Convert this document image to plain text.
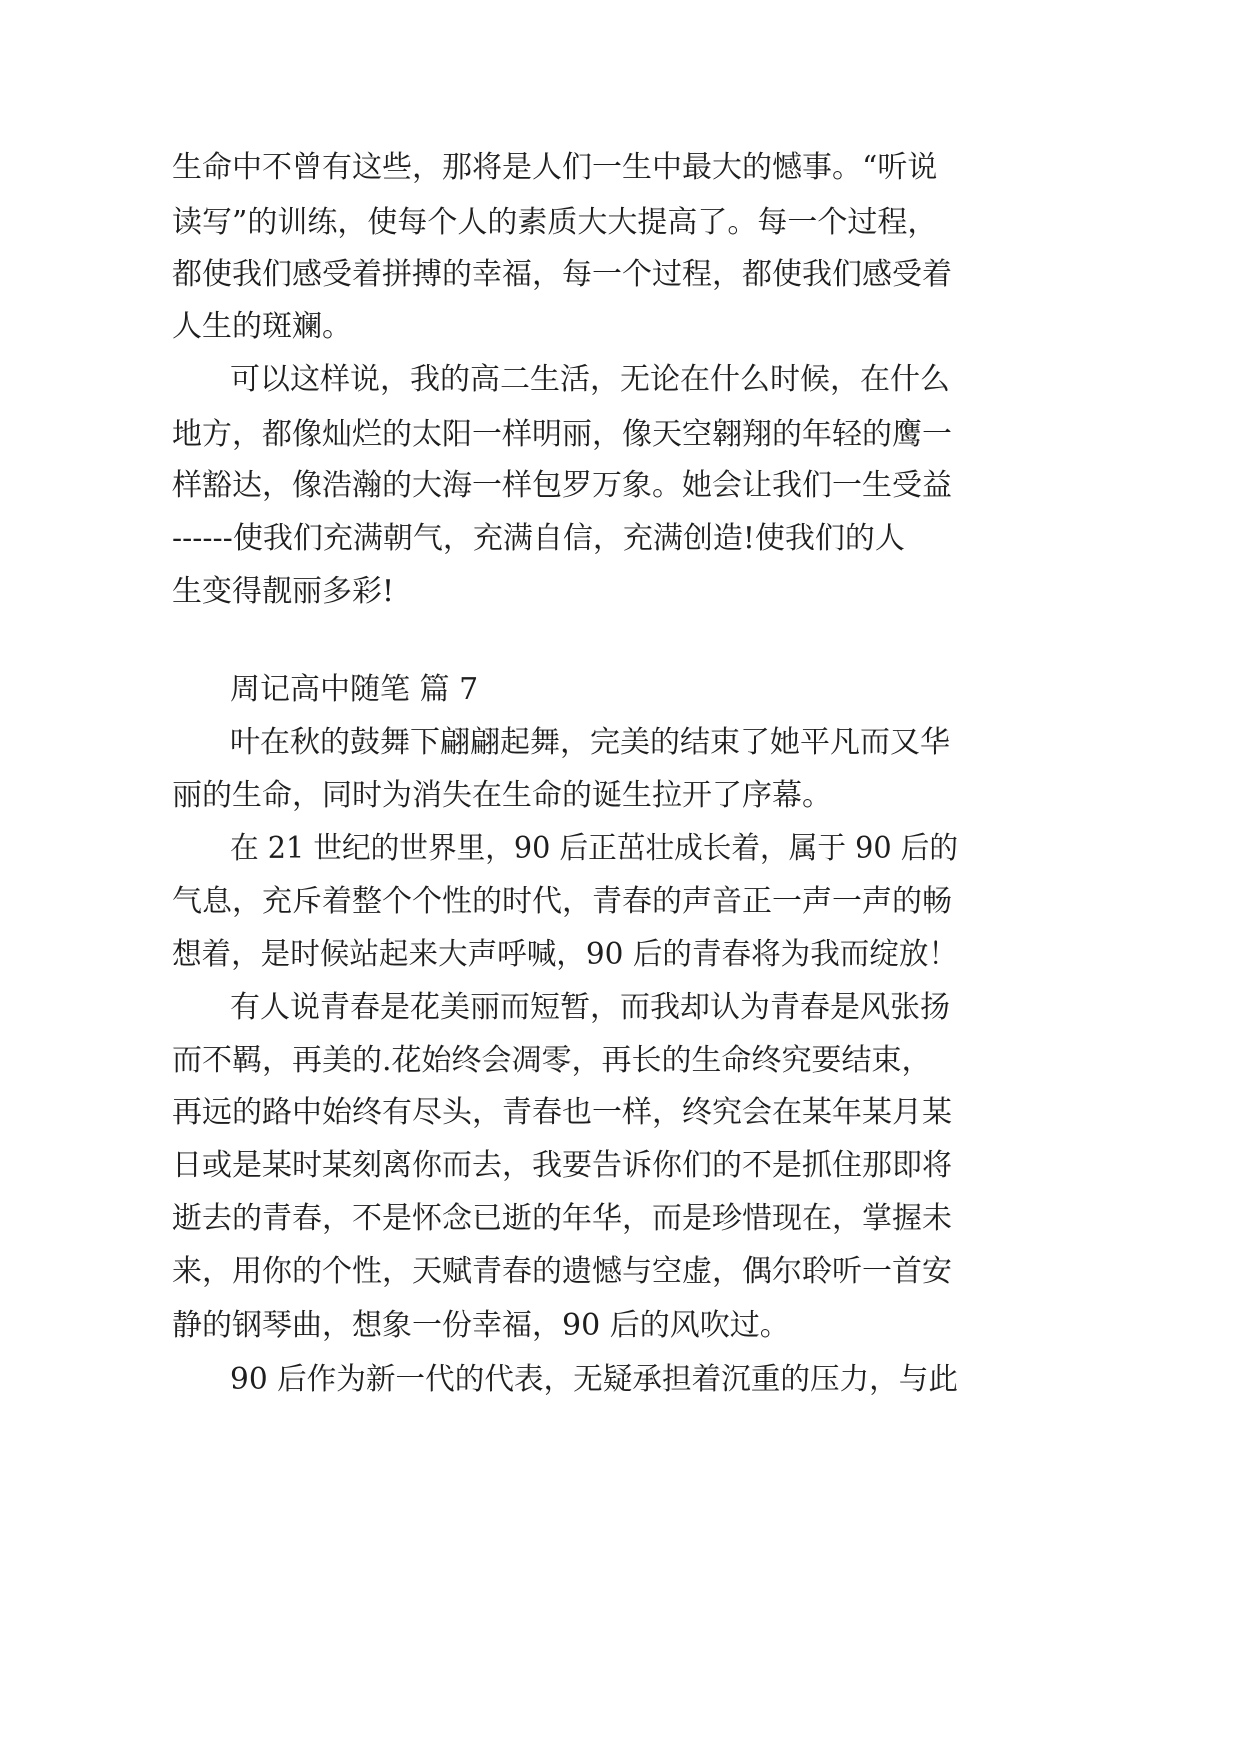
生命中不曾有这些，那将是人们一生中最大的憾事。“听说

读写”的训练，使每个人的素质大大提高了。每一个过程，

都使我们感受着拼搏的幸福，每一个过程，都使我们感受着

人生的斑斓。

可以这样说，我的高二生活，无论在什么时候，在什么

地方，都像灿烂的太阳一样明丽，像天空翱翔的年轻的鹰一

样豁达，像浩瀚的大海一样包罗万象。她会让我们一生受益

------使我们充满朝气，充满自信，充满创造!使我们的人

生变得靓丽多彩!

周记高中随笔 篇 7

叶在秋的鼓舞下翩翩起舞，完美的结束了她平凡而又华

丽的生命，同时为消失在生命的诞生拉开了序幕。

在 21 世纪的世界里，90 后正茁壮成长着，属于 90 后的

气息，充斥着整个个性的时代，青春的声音正一声一声的畅

想着，是时候站起来大声呼喊，90 后的青春将为我而绽放！

有人说青春是花美丽而短暂，而我却认为青春是风张扬

而不羁，再美的.花始终会凋零，再长的生命终究要结束，

再远的路中始终有尽头，青春也一样，终究会在某年某月某

日或是某时某刻离你而去，我要告诉你们的不是抓住那即将

逝去的青春，不是怀念已逝的年华，而是珍惜现在，掌握未

来，用你的个性，天赋青春的遗憾与空虚，偶尔聆听一首安

静的钢琴曲，想象一份幸福，90 后的风吹过。

90 后作为新一代的代表，无疑承担着沉重的压力，与此
